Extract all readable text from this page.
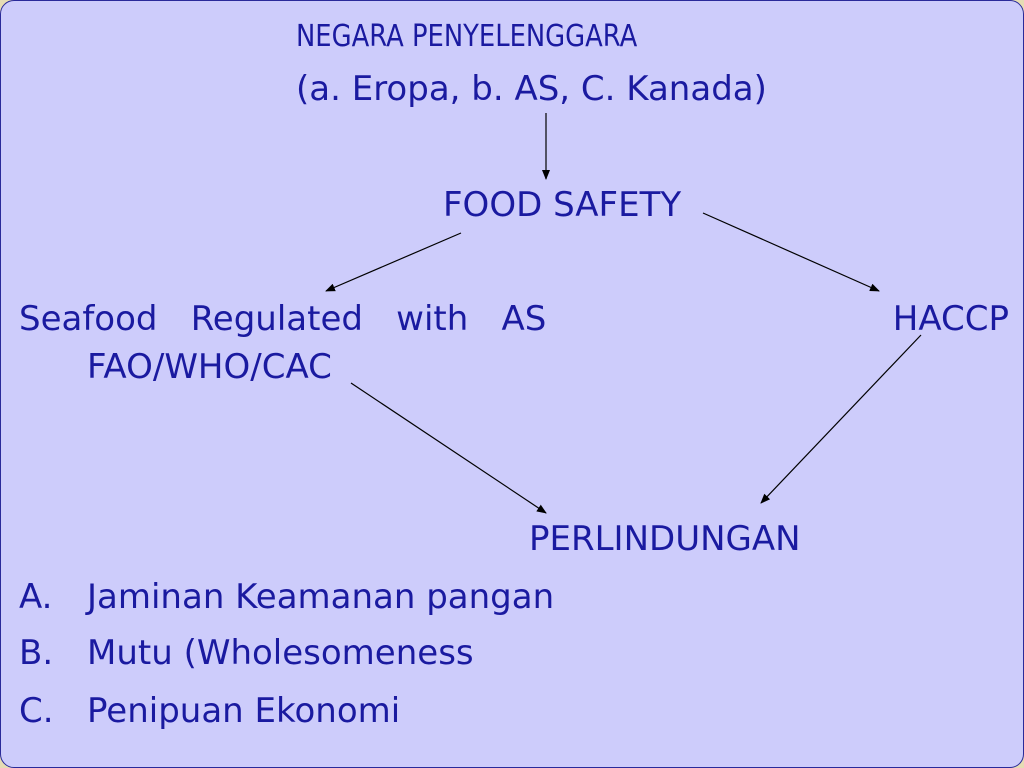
NEGARA PENYELENGGARA
(a. Eropa, b. AS, C. Kanada)
FOOD SAFETY
Seafood Regulated with AS	HACCP
FAO/WHO/CAC
PERLINDUNGAN
A. Jaminan Keamanan pangan
B. Mutu (Wholesomeness
C. Penipuan Ekonomi
